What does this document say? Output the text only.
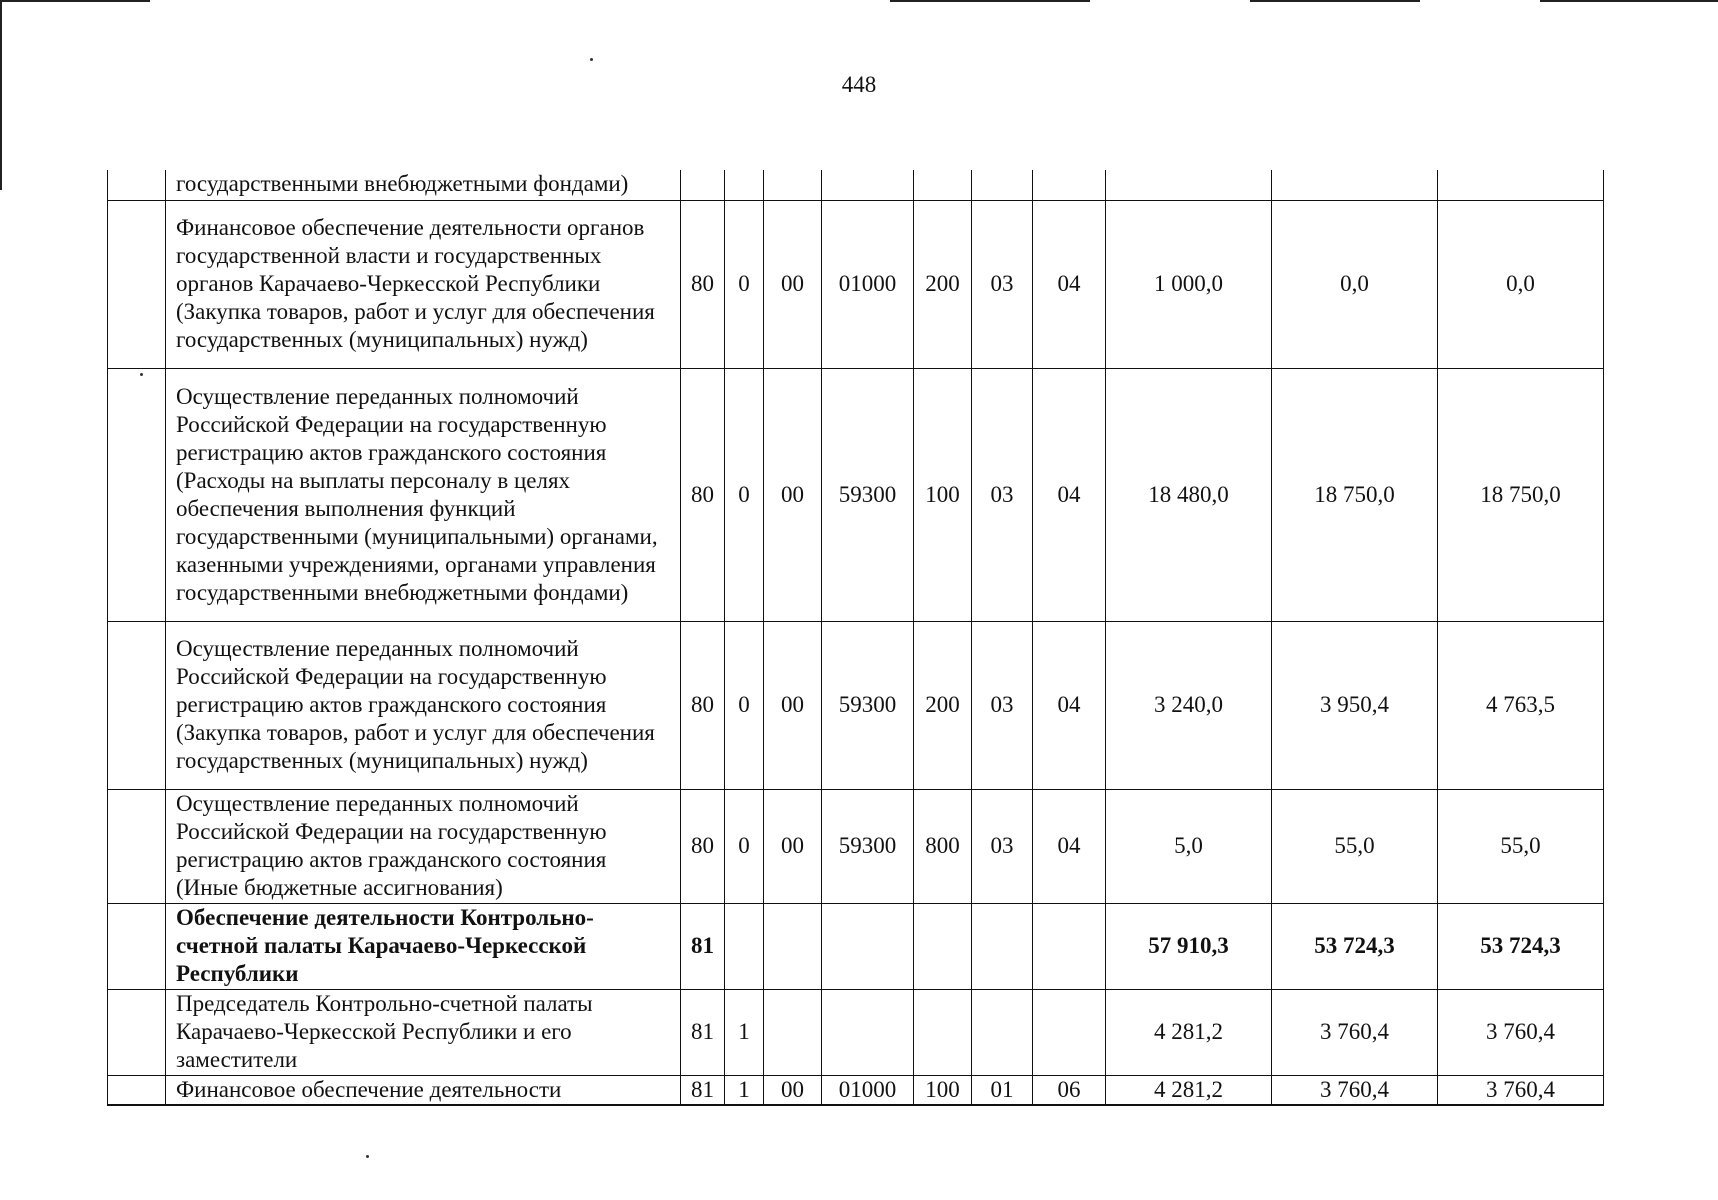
448
	государственными внебюджетными фондами)										
	Финансовое обеспечение деятельности органов государственной власти и государственных органов Карачаево-Черкесской Республики (Закупка товаров, работ и услуг для обеспечения государственных (муниципальных) нужд)	80	0	00	01000	200	03	04	1 000,0	0,0	0,0
	Осуществление переданных полномочий Российской Федерации на государственную регистрацию актов гражданского состояния (Расходы на выплаты персоналу в целях обеспечения выполнения функций государственными (муниципальными) органами, казенными учреждениями, органами управления государственными внебюджетными фондами)	80	0	00	59300	100	03	04	18 480,0	18 750,0	18 750,0
	Осуществление переданных полномочий Российской Федерации на государственную регистрацию актов гражданского состояния (Закупка товаров, работ и услуг для обеспечения государственных (муниципальных) нужд)	80	0	00	59300	200	03	04	3 240,0	3 950,4	4 763,5
	Осуществление переданных полномочий Российской Федерации на государственную регистрацию актов гражданского состояния (Иные бюджетные ассигнования)	80	0	00	59300	800	03	04	5,0	55,0	55,0
	Обеспечение деятельности Контрольно-счетной палаты Карачаево-Черкесской Республики	81							57 910,3	53 724,3	53 724,3
	Председатель Контрольно-счетной палаты Карачаево-Черкесской Республики и его заместители	81	1						4 281,2	3 760,4	3 760,4
	Финансовое обеспечение деятельности	81	1	00	01000	100	01	06	4 281,2	3 760,4	3 760,4
